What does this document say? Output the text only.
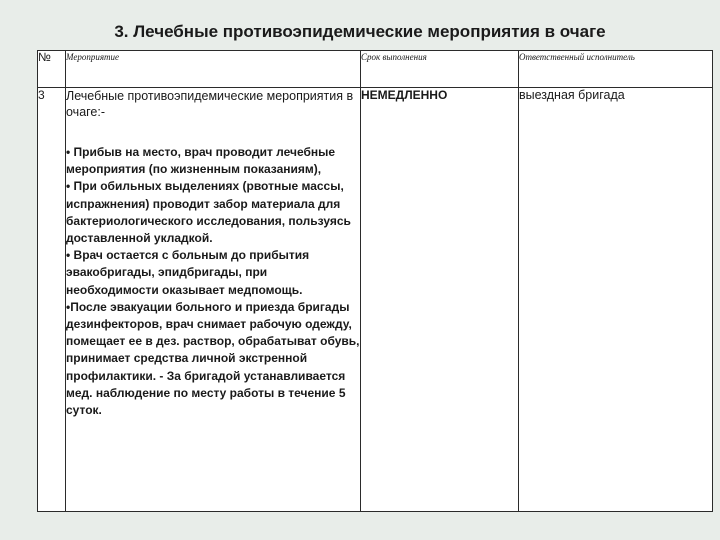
3. Лечебные противоэпидемические мероприятия в очаге
№	Мероприятие	Срок выполнения	Ответственный исполнитель
3	Лечебные противоэпидемические мероприятия в очаге:-

• Прибыв на место, врач проводит лечебные мероприятия (по жизненным показаниям),

• При обильных выделениях (рвотные массы, испражнения) проводит забор материала для бактериологического исследования, пользуясь доставленной укладкой.

• Врач остается с больным до прибытия эвакобригады, эпидбригады, при необходимости оказывает медпомощь.

•После эвакуации больного и приезда бригады дезинфекторов, врач снимает рабочую одежду, помещает ее в дез. раствор, обрабатыват обувь, принимает средства личной экстренной профилактики. - За бригадой устанавливается мед. наблюдение по месту работы в течение 5 суток.	НЕМЕДЛЕННО	выездная бригада
